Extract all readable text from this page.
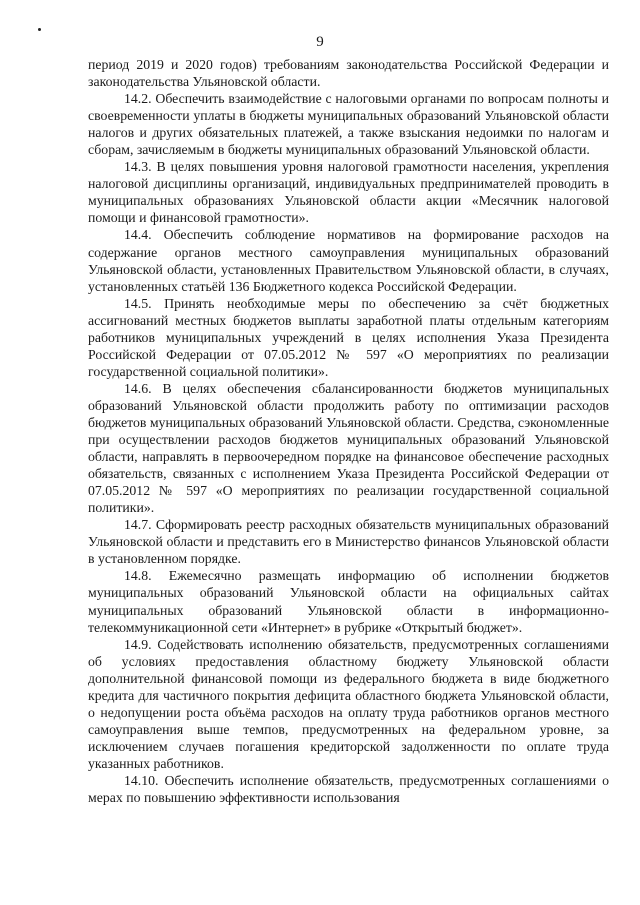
9

период 2019 и 2020 годов) требованиям законодательства Российской Федерации и законодательства Ульяновской области.

14.2. Обеспечить взаимодействие с налоговыми органами по вопросам полноты и своевременности уплаты в бюджеты муниципальных образований Ульяновской области налогов и других обязательных платежей, а также взыскания недоимки по налогам и сборам, зачисляемым в бюджеты муниципальных образований Ульяновской области.

14.3. В целях повышения уровня налоговой грамотности населения, укрепления налоговой дисциплины организаций, индивидуальных предпринимателей проводить в муниципальных образованиях Ульяновской области акции «Месячник налоговой помощи и финансовой грамотности».

14.4. Обеспечить соблюдение нормативов на формирование расходов на содержание органов местного самоуправления муниципальных образований Ульяновской области, установленных Правительством Ульяновской области, в случаях, установленных статьёй 136 Бюджетного кодекса Российской Федерации.

14.5. Принять необходимые меры по обеспечению за счёт бюджетных ассигнований местных бюджетов выплаты заработной платы отдельным категориям работников муниципальных учреждений в целях исполнения Указа Президента Российской Федерации от 07.05.2012 № 597 «О мероприятиях по реализации государственной социальной политики».

14.6. В целях обеспечения сбалансированности бюджетов муниципальных образований Ульяновской области продолжить работу по оптимизации расходов бюджетов муниципальных образований Ульяновской области. Средства, сэкономленные при осуществлении расходов бюджетов муниципальных образований Ульяновской области, направлять в первоочередном порядке на финансовое обеспечение расходных обязательств, связанных с исполнением Указа Президента Российской Федерации от 07.05.2012 № 597 «О мероприятиях по реализации государственной социальной политики».

14.7. Сформировать реестр расходных обязательств муниципальных образований Ульяновской области и представить его в Министерство финансов Ульяновской области в установленном порядке.

14.8. Ежемесячно размещать информацию об исполнении бюджетов муниципальных образований Ульяновской области на официальных сайтах муниципальных образований Ульяновской области в информационно-телекоммуникационной сети «Интернет» в рубрике «Открытый бюджет».

14.9. Содействовать исполнению обязательств, предусмотренных соглашениями об условиях предоставления областному бюджету Ульяновской области дополнительной финансовой помощи из федерального бюджета в виде бюджетного кредита для частичного покрытия дефицита областного бюджета Ульяновской области, о недопущении роста объёма расходов на оплату труда работников органов местного самоуправления выше темпов, предусмотренных на федеральном уровне, за исключением случаев погашения кредиторской задолженности по оплате труда указанных работников.

14.10. Обеспечить исполнение обязательств, предусмотренных соглашениями о мерах по повышению эффективности использования
